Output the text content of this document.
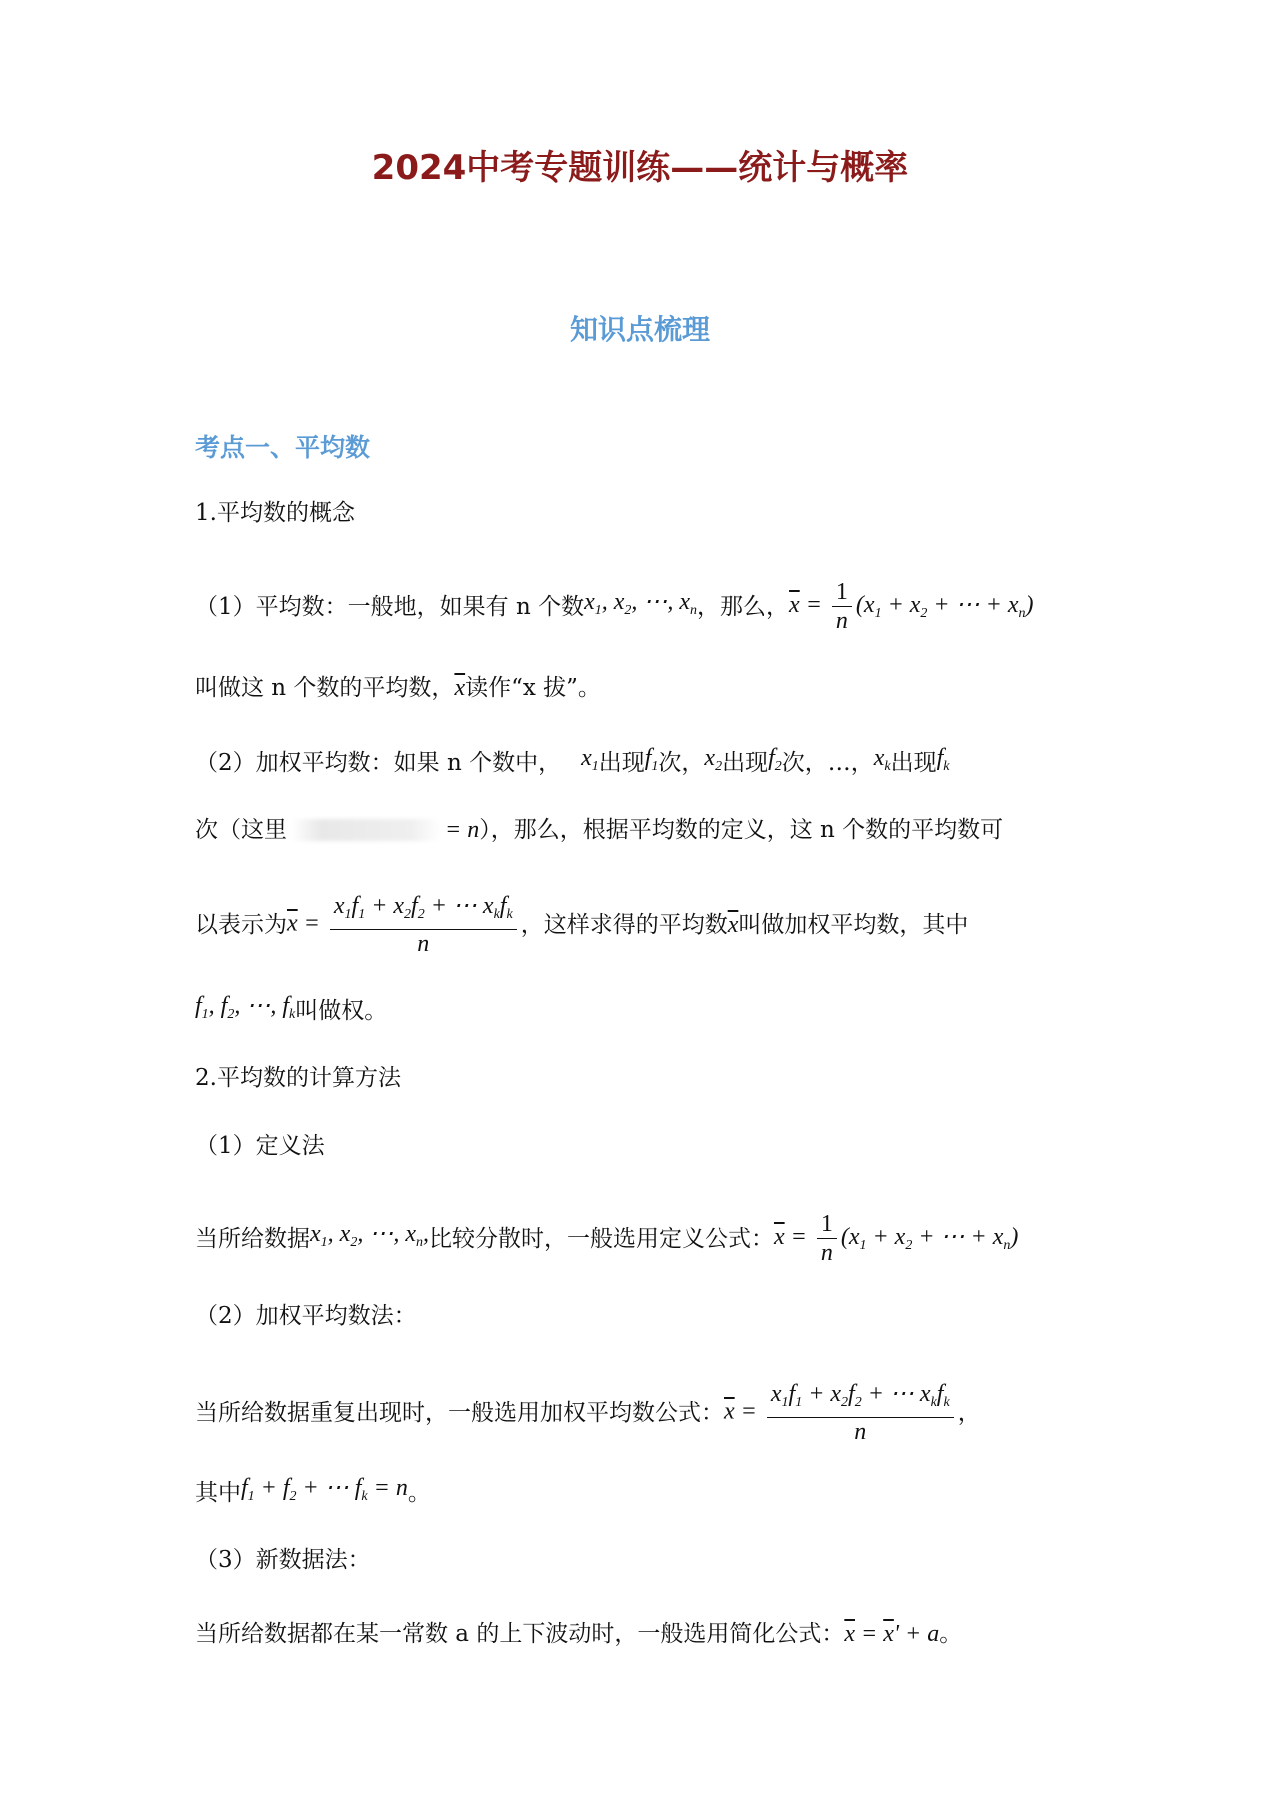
2024中考专题训练——统计与概率
知识点梳理
考点一、平均数
1.平均数的概念
（1）平均数：一般地，如果有 n 个数 $x_1$, $x_2$, ⋯, $x_n$ ，那么， $\overline{x} = \frac{1}{n} (x_1 + x_2$ + ⋯ + $x_n$)
叫做这 n 个数的平均数， $\overline{x}$ 读作“x 拔”。
（2）加权平均数：如果 n 个数中， $x_1$ 出现 $f_1$ 次， $x_2$ 出现 $f_2$ 次， …， $x_k$ 出现 $f_k$
次（这里	= n ），那么，根据平均数的定义，这 n 个数的平均数可
以表示为 $\overline{x} = \frac{x_1f_1 + x_2f_2 + \cdots x_kf_k}{n}$ ，这样求得的平均数 $\overline{x}$ 叫做加权平均数，其中
$f_1$, $f_2$, ⋯, $f_k$ 叫做权。
2.平均数的计算方法
（1）定义法
当所给数据 $x_1$, $x_2$, ⋯, $x_n$, 比较分散时，一般选用定义公式： $\overline{x} = \frac{1}{n} (x_1 + x_2$ + ⋯ + $x_n$)
（2）加权平均数法：
当所给数据重复出现时，一般选用加权平均数公式： $\overline{x} = \frac{x_1f_1 + x_2f_2 + \cdots x_kf_k}{n}$ ，
其中 $f_1 + f_2$ + ⋯ $f_k = n$ 。
（3）新数据法：
当所给数据都在某一常数 a 的上下波动时，一般选用简化公式： $\overline{x} = \overline{x}' + a$ 。
